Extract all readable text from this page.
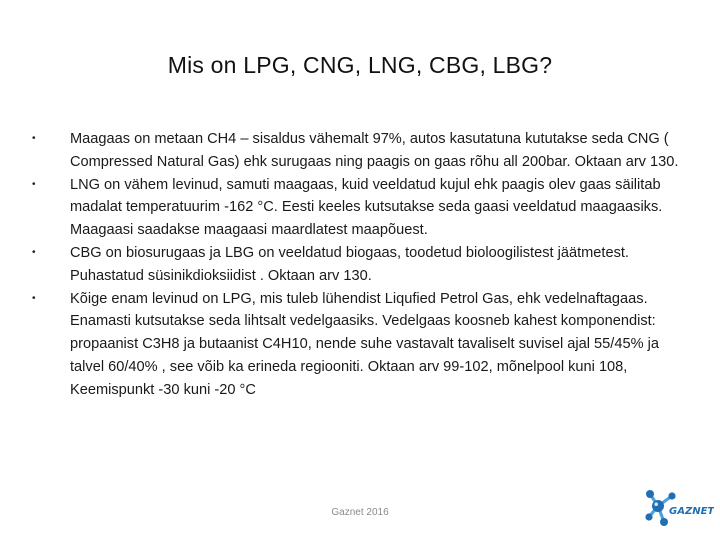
Mis on LPG, CNG, LNG, CBG, LBG?
•	Maagaas on metaan CH4 – sisaldus vähemalt 97%, autos kasutatuna kututakse seda CNG ( Compressed Natural Gas) ehk surugaas ning paagis on gaas rõhu all 200bar. Oktaan arv 130.
•	LNG on vähem levinud, samuti maagaas, kuid veeldatud kujul ehk paagis olev gaas säilitab madalat temperatuurim -162 °C. Eesti keeles kutsutakse seda gaasi veeldatud maagaasiks. Maagaasi saadakse maagaasi maardlatest maapõuest.
•	CBG on biosurugaas ja LBG on veeldatud biogaas, toodetud bioloogilistest jäätmetest. Puhastatud süsinikdioksiidist . Oktaan arv 130.
•	Kõige enam levinud on LPG, mis tuleb lühendist Liqufied Petrol Gas, ehk vedelnaftagaas. Enamasti kutsutakse seda lihtsalt vedelgaasiks. Vedelgaas koosneb kahest komponendist: propaanist C3H8 ja butaanist C4H10, nende suhe vastavalt tavaliselt suvisel ajal 55/45% ja talvel 60/40% , see võib ka erineda regiooniti. Oktaan arv 99-102, mõnelpool kuni 108, Keemispunkt -30 kuni -20 °C
Gaznet 2016	GAZNET
